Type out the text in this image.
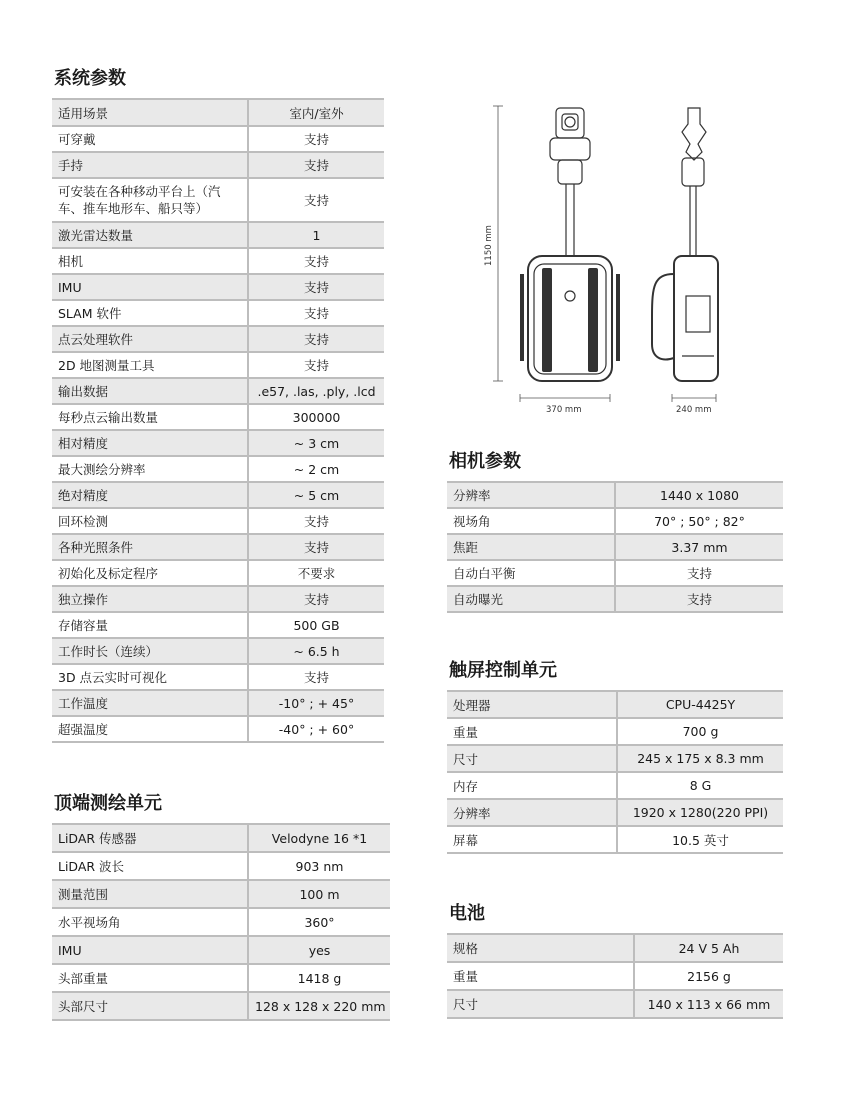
系统参数
适用场景	室内/室外
可穿戴	支持
手持	支持
可安装在各种移动平台上（汽车、推车地形车、船只等）	支持
激光雷达数量	1
相机	支持
IMU	支持
SLAM 软件	支持
点云处理软件	支持
2D 地图测量工具	支持
输出数据	.e57, .las, .ply, .lcd
每秒点云输出数量	300000
相对精度	~ 3 cm
最大测绘分辨率	~ 2 cm
绝对精度	~ 5 cm
回环检测	支持
各种光照条件	支持
初始化及标定程序	不要求
独立操作	支持
存储容量	500 GB
工作时长（连续）	~ 6.5 h
3D 点云实时可视化	支持
工作温度	-10° ; + 45°
超强温度	-40° ; + 60°
顶端测绘单元
LiDAR 传感器	Velodyne 16 *1
LiDAR 波长	903 nm
测量范围	100 m
水平视场角	360°
IMU	yes
头部重量	1418 g
头部尺寸	128 x 128 x 220 mm
1150 mm
370 mm	240 mm
相机参数
分辨率	1440 x 1080
视场角	70° ; 50° ; 82°
焦距	3.37 mm
自动白平衡	支持
自动曝光	支持
触屏控制单元
处理器	CPU-4425Y
重量	700 g
尺寸	245 x 175 x 8.3 mm
内存	8 G
分辨率	1920 x 1280(220 PPI)
屏幕	10.5 英寸
电池
规格	24 V 5 Ah
重量	2156 g
尺寸	140 x 113 x 66 mm
